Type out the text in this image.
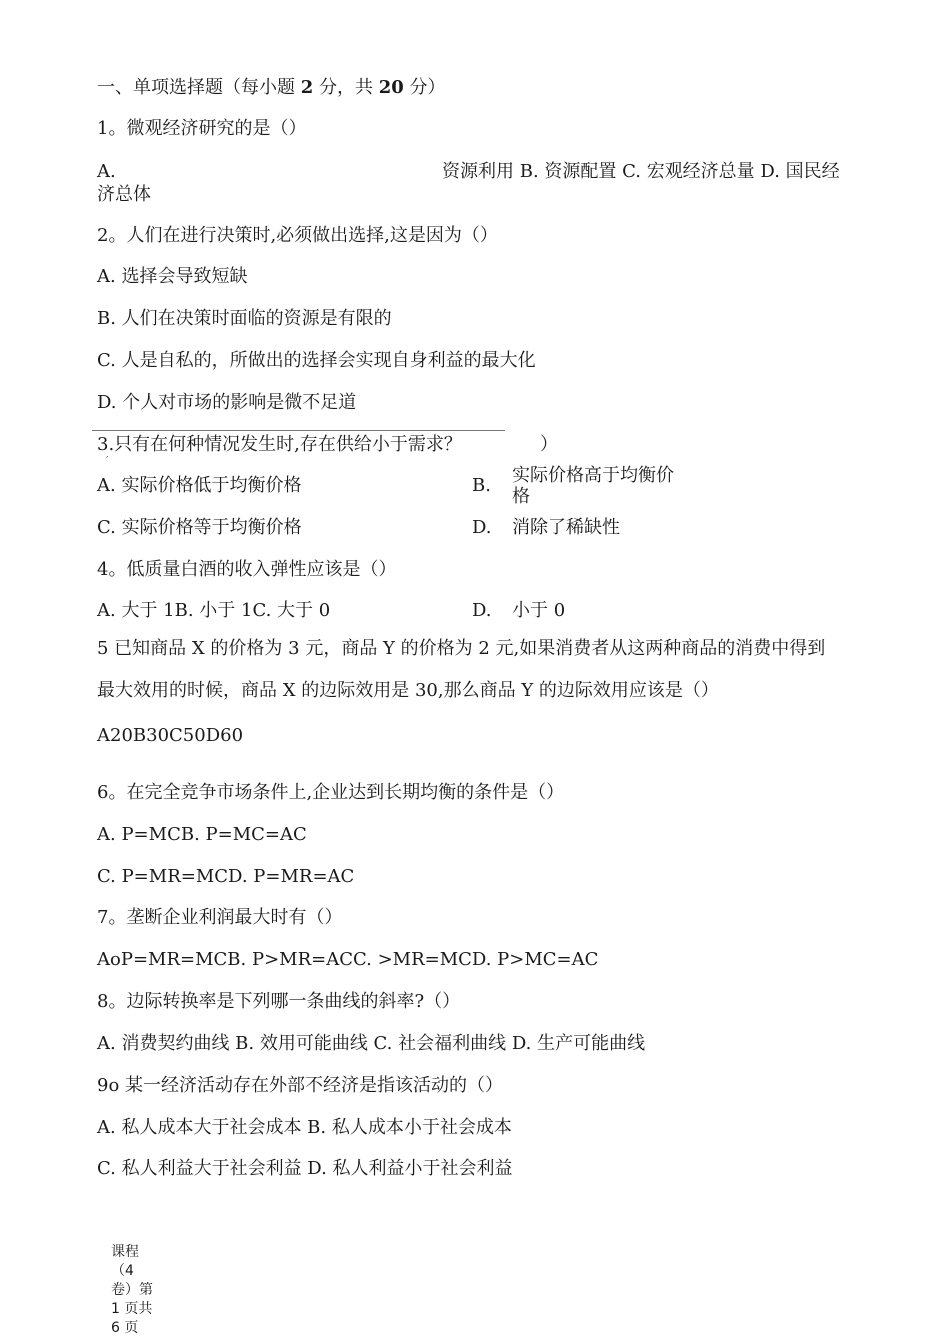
一、单项选择题（每小题 2 分，共 20 分）
1。微观经济研究的是（）
A.	资源利用 B. 资源配置 C. 宏观经济总量 D. 国民经
济总体
2。人们在进行决策时,必须做出选择,这是因为（）
A. 选择会导致短缺
B. 人们在决策时面临的资源是有限的
C. 人是自私的，所做出的选择会实现自身利益的最大化
D. 个人对市场的影响是微不足道
3.只有在何种情况发生时,存在供给小于需求？	）
′
A. 实际价格低于均衡价格	B. 实际价格高于均衡价
格
C. 实际价格等于均衡价格	D. 消除了稀缺性
4。低质量白酒的收入弹性应该是（）
A. 大于 1B. 小于 1C. 大于 0	D. 小于 0
5 已知商品 X 的价格为 3 元，商品 Y 的价格为 2 元,如果消费者从这两种商品的消费中得到
最大效用的时候，商品 X 的边际效用是 30,那么商品 Y 的边际效用应该是（）
A20B30C50D60
6。在完全竞争市场条件上,企业达到长期均衡的条件是（）
A. P=MCB. P=MC=AC
C. P=MR=MCD. P=MR=AC
7。垄断企业利润最大时有（）
AoP=MR=MCB. P>MR=ACC. >MR=MCD. P>MC=AC
8。边际转换率是下列哪一条曲线的斜率?（）
A. 消费契约曲线 B. 效用可能曲线 C. 社会福利曲线 D. 生产可能曲线
9o 某一经济活动存在外部不经济是指该活动的（）
A. 私人成本大于社会成本 B. 私人成本小于社会成本
C. 私人利益大于社会利益 D. 私人利益小于社会利益
课程
（4
卷）第
1 页共
6 页
